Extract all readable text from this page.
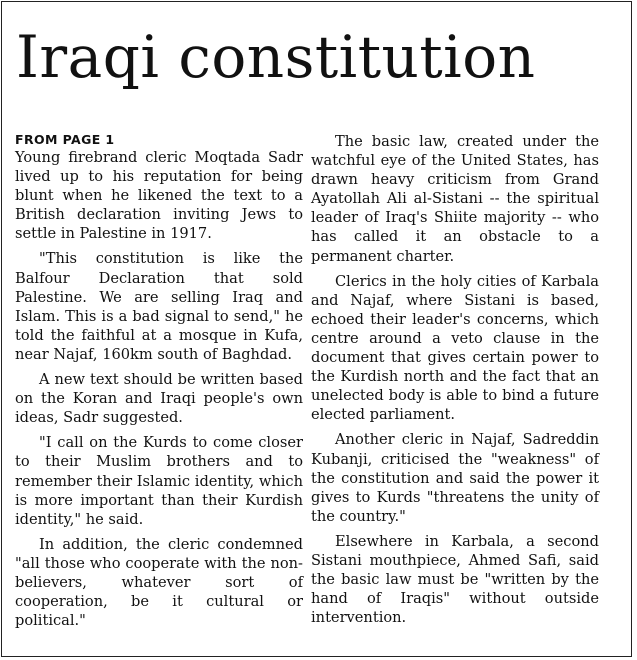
Iraqi constitution
FROM PAGE 1

Young firebrand cleric Moqtada Sadr lived up to his reputation for being blunt when he likened the text to a British declaration inviting Jews to settle in Palestine in 1917.

"This constitution is like the Balfour Declaration that sold Palestine. We are selling Iraq and Islam. This is a bad signal to send," he told the faithful at a mosque in Kufa, near Najaf, 160km south of Baghdad.

A new text should be written based on the Koran and Iraqi people's own ideas, Sadr suggested.

"I call on the Kurds to come closer to their Muslim brothers and to remember their Islamic identity, which is more important than their Kurdish identity," he said.

In addition, the cleric condemned "all those who cooperate with the non-believers, whatever sort of cooperation, be it cultural or political."

The basic law, created under the watchful eye of the United States, has drawn heavy criticism from Grand Ayatollah Ali al-Sistani -- the spiritual leader of Iraq's Shiite majority -- who has called it an obstacle to a permanent charter.

Clerics in the holy cities of Karbala and Najaf, where Sistani is based, echoed their leader's concerns, which centre around a veto clause in the document that gives certain power to the Kurdish north and the fact that an unelected body is able to bind a future elected parliament.

Another cleric in Najaf, Sadreddin Kubanji, criticised the "weakness" of the constitution and said the power it gives to Kurds "threatens the unity of the country."

Elsewhere in Karbala, a second Sistani mouthpiece, Ahmed Safi, said the basic law must be "written by the hand of Iraqis" without outside intervention.
